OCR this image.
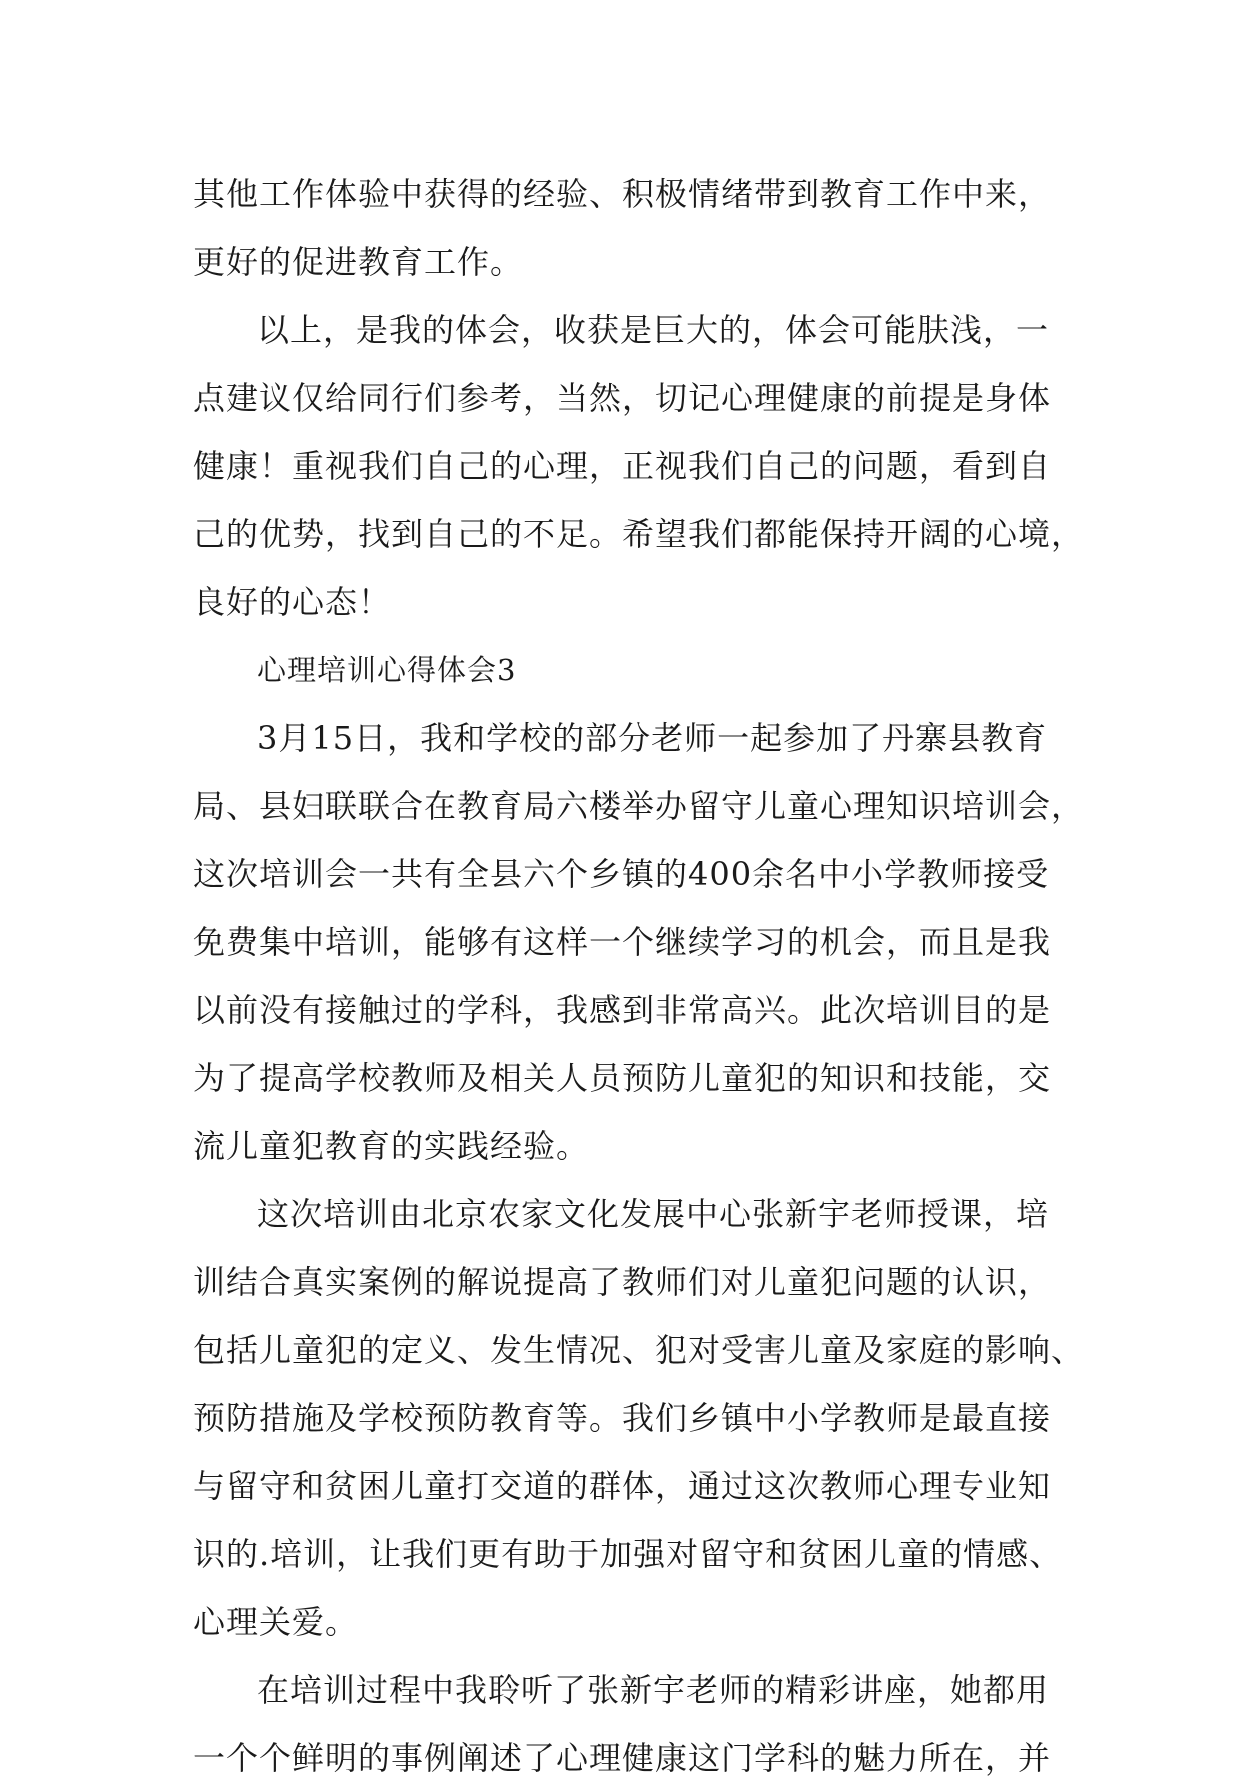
其他工作体验中获得的经验、积极情绪带到教育工作中来，
更好的促进教育工作。
以上，是我的体会，收获是巨大的，体会可能肤浅，一
点建议仅给同行们参考，当然，切记心理健康的前提是身体
健康！重视我们自己的心理，正视我们自己的问题，看到自
己的优势，找到自己的不足。希望我们都能保持开阔的心境，
良好的心态！
心理培训心得体会3
3月15日，我和学校的部分老师一起参加了丹寨县教育
局、县妇联联合在教育局六楼举办留守儿童心理知识培训会，
这次培训会一共有全县六个乡镇的400余名中小学教师接受
免费集中培训，能够有这样一个继续学习的机会，而且是我
以前没有接触过的学科，我感到非常高兴。此次培训目的是
为了提高学校教师及相关人员预防儿童犯的知识和技能，交
流儿童犯教育的实践经验。
这次培训由北京农家文化发展中心张新宇老师授课，培
训结合真实案例的解说提高了教师们对儿童犯问题的认识，
包括儿童犯的定义、发生情况、犯对受害儿童及家庭的影响、
预防措施及学校预防教育等。我们乡镇中小学教师是最直接
与留守和贫困儿童打交道的群体，通过这次教师心理专业知
识的.培训，让我们更有助于加强对留守和贫困儿童的情感、
心理关爱。
在培训过程中我聆听了张新宇老师的精彩讲座，她都用
一个个鲜明的事例阐述了心理健康这门学科的魅力所在，并
